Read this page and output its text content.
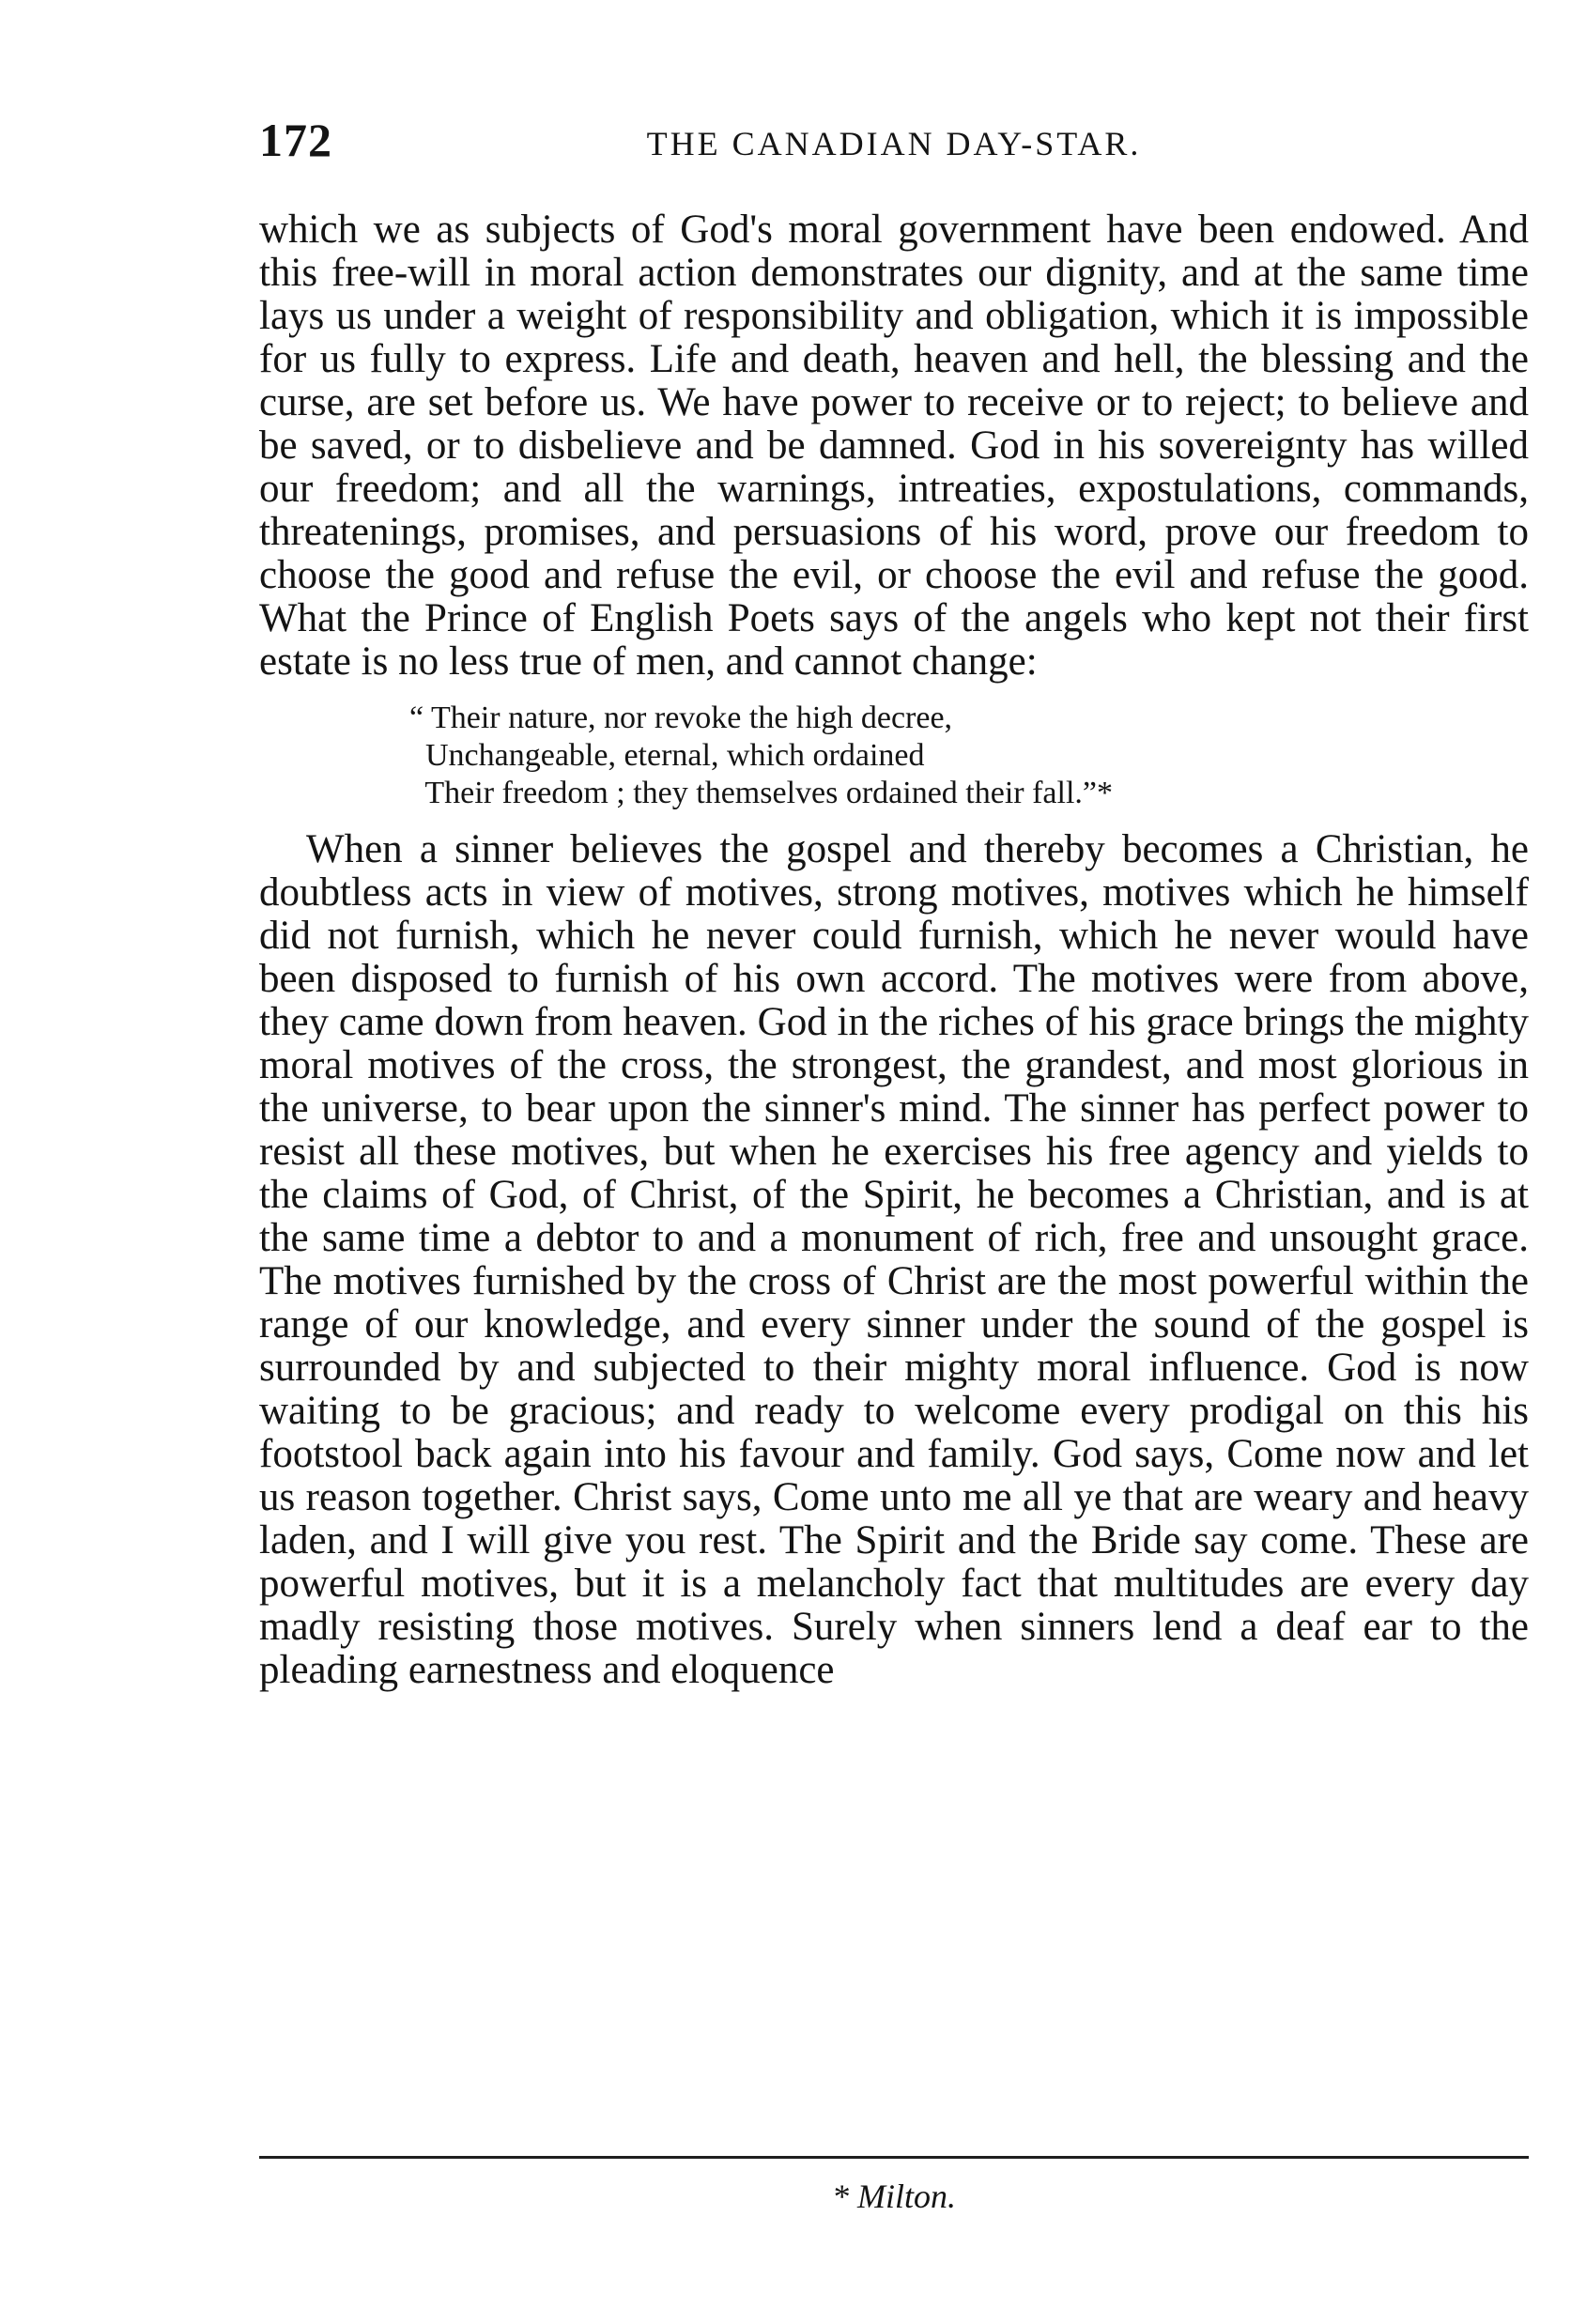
172	THE CANADIAN DAY-STAR.

which we as subjects of God's moral government have been endowed. And this free-will in moral action demonstrates our dignity, and at the same time lays us under a weight of responsibility and obligation, which it is impossible for us fully to express. Life and death, heaven and hell, the blessing and the curse, are set before us. We have power to receive or to reject; to believe and be saved, or to disbelieve and be damned. God in his sovereignty has willed our freedom; and all the warnings, intreaties, expostulations, commands, threatenings, promises, and persuasions of his word, prove our freedom to choose the good and refuse the evil, or choose the evil and refuse the good. What the Prince of English Poets says of the angels who kept not their first estate is no less true of men, and cannot change:

“ Their nature, nor revoke the high decree,
Unchangeable, eternal, which ordained
Their freedom ; they themselves ordained their fall.”*

When a sinner believes the gospel and thereby becomes a Christian, he doubtless acts in view of motives, strong motives, motives which he himself did not furnish, which he never could furnish, which he never would have been disposed to furnish of his own accord. The motives were from above, they came down from heaven. God in the riches of his grace brings the mighty moral motives of the cross, the strongest, the grandest, and most glorious in the universe, to bear upon the sinner's mind. The sinner has perfect power to resist all these motives, but when he exercises his free agency and yields to the claims of God, of Christ, of the Spirit, he becomes a Christian, and is at the same time a debtor to and a monument of rich, free and unsought grace. The motives furnished by the cross of Christ are the most powerful within the range of our knowledge, and every sinner under the sound of the gospel is surrounded by and subjected to their mighty moral influence. God is now waiting to be gracious; and ready to welcome every prodigal on this his footstool back again into his favour and family. God says, Come now and let us reason together. Christ says, Come unto me all ye that are weary and heavy laden, and I will give you rest. The Spirit and the Bride say come. These are powerful motives, but it is a melancholy fact that multitudes are every day madly resisting those motives. Surely when sinners lend a deaf ear to the pleading earnestness and eloquence

* Milton.
